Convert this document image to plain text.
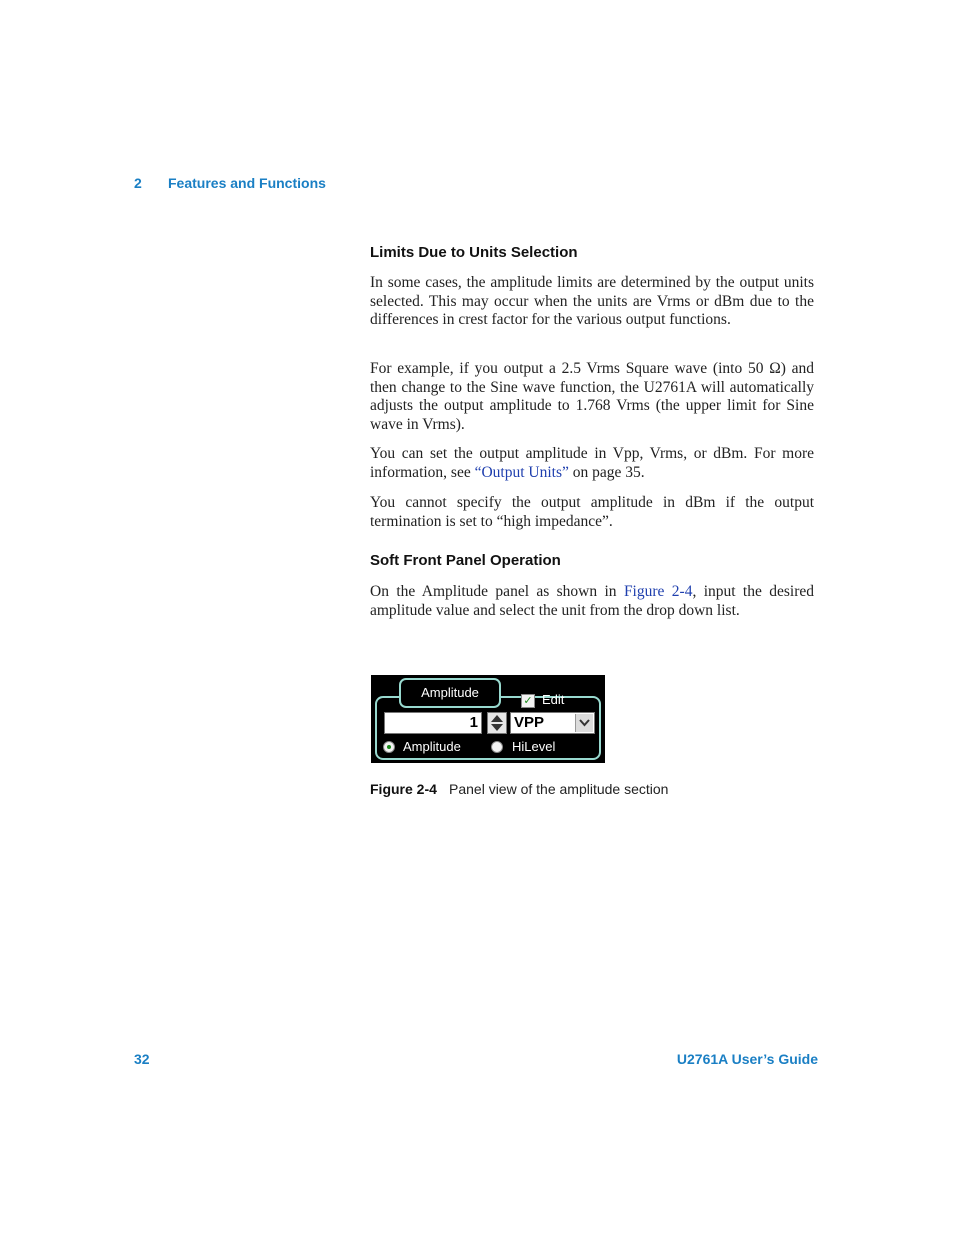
2 Features and Functions
Limits Due to Units Selection

In some cases, the amplitude limits are determined by the output units selected. This may occur when the units are Vrms or dBm due to the differences in crest factor for the various output functions.

For example, if you output a 2.5 Vrms Square wave (into 50 Ω) and then change to the Sine wave function, the U2761A will automatically adjusts the output amplitude to 1.768 Vrms (the upper limit for Sine wave in Vrms).

You can set the output amplitude in Vpp, Vrms, or dBm. For more information, see “Output Units” on page 35.

You cannot specify the output amplitude in dBm if the output termination is set to “high impedance”.

Soft Front Panel Operation

On the Amplitude panel as shown in Figure 2-4, input the desired amplitude value and select the unit from the drop down list.

Amplitude
✓ Edit
1 VPP
Amplitude	HiLevel
Figure 2-4 Panel view of the amplitude section
32	U2761A User’s Guide
